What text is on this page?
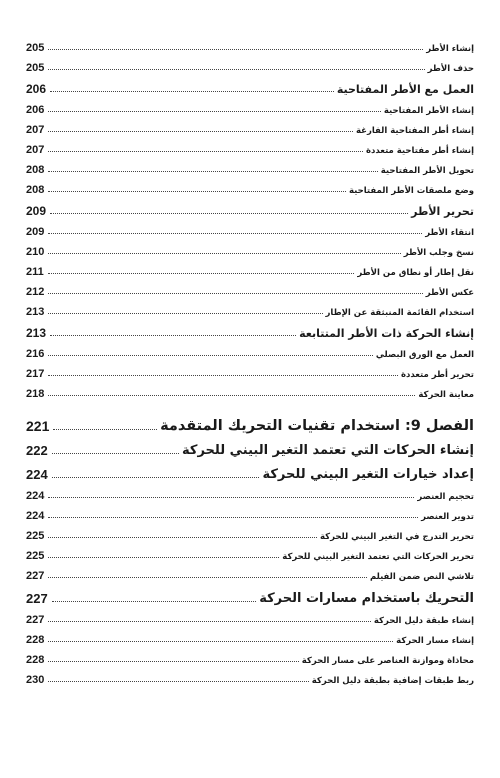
205	إنشاء الأطر
205	حذف الأطر
206	العمل مع الأطر المفتاحية
206	إنشاء الأطر المفتاحية
207	إنشاء أطر المفتاحية الفارغة
207	إنشاء أطر مفتاحية متعددة
208	تحويل الأطر المفتاحية
208	وضع ملصقات الأطر المفتاحية
209	تحرير الأطر
209	انتقاء الأطر
210	نسخ وجلب الأطر
211	نقل إطار أو نطاق من الأطر
212	عكس الأطر
213	استخدام القائمة المنبثقة عن الإطار
213	إنشاء الحركة ذات الأطر المتتابعة
216	العمل مع الورق البصلي
217	تحرير أطر متعددة
218	معاينة الحركة
221	الفصل 9: استخدام تقنيات التحريك المتقدمة
222	إنشاء الحركات التي تعتمد التغير البيني للحركة
224	إعداد خيارات التغير البيني للحركة
224	تحجيم العنصر
224	تدوير العنصر
225	تحرير التدرج في التغير البيني للحركة
225	تحرير الحركات التي تعتمد التغير البيني للحركة
227	تلاشي النص ضمن الفيلم
227	التحريك باستخدام مسارات الحركة
227	إنشاء طبقة دليل الحركة
228	إنشاء مسار الحركة
228	محاذاة وموازنة العناصر على مسار الحركة
230	ربط طبقات إضافية بطبقة دليل الحركة
